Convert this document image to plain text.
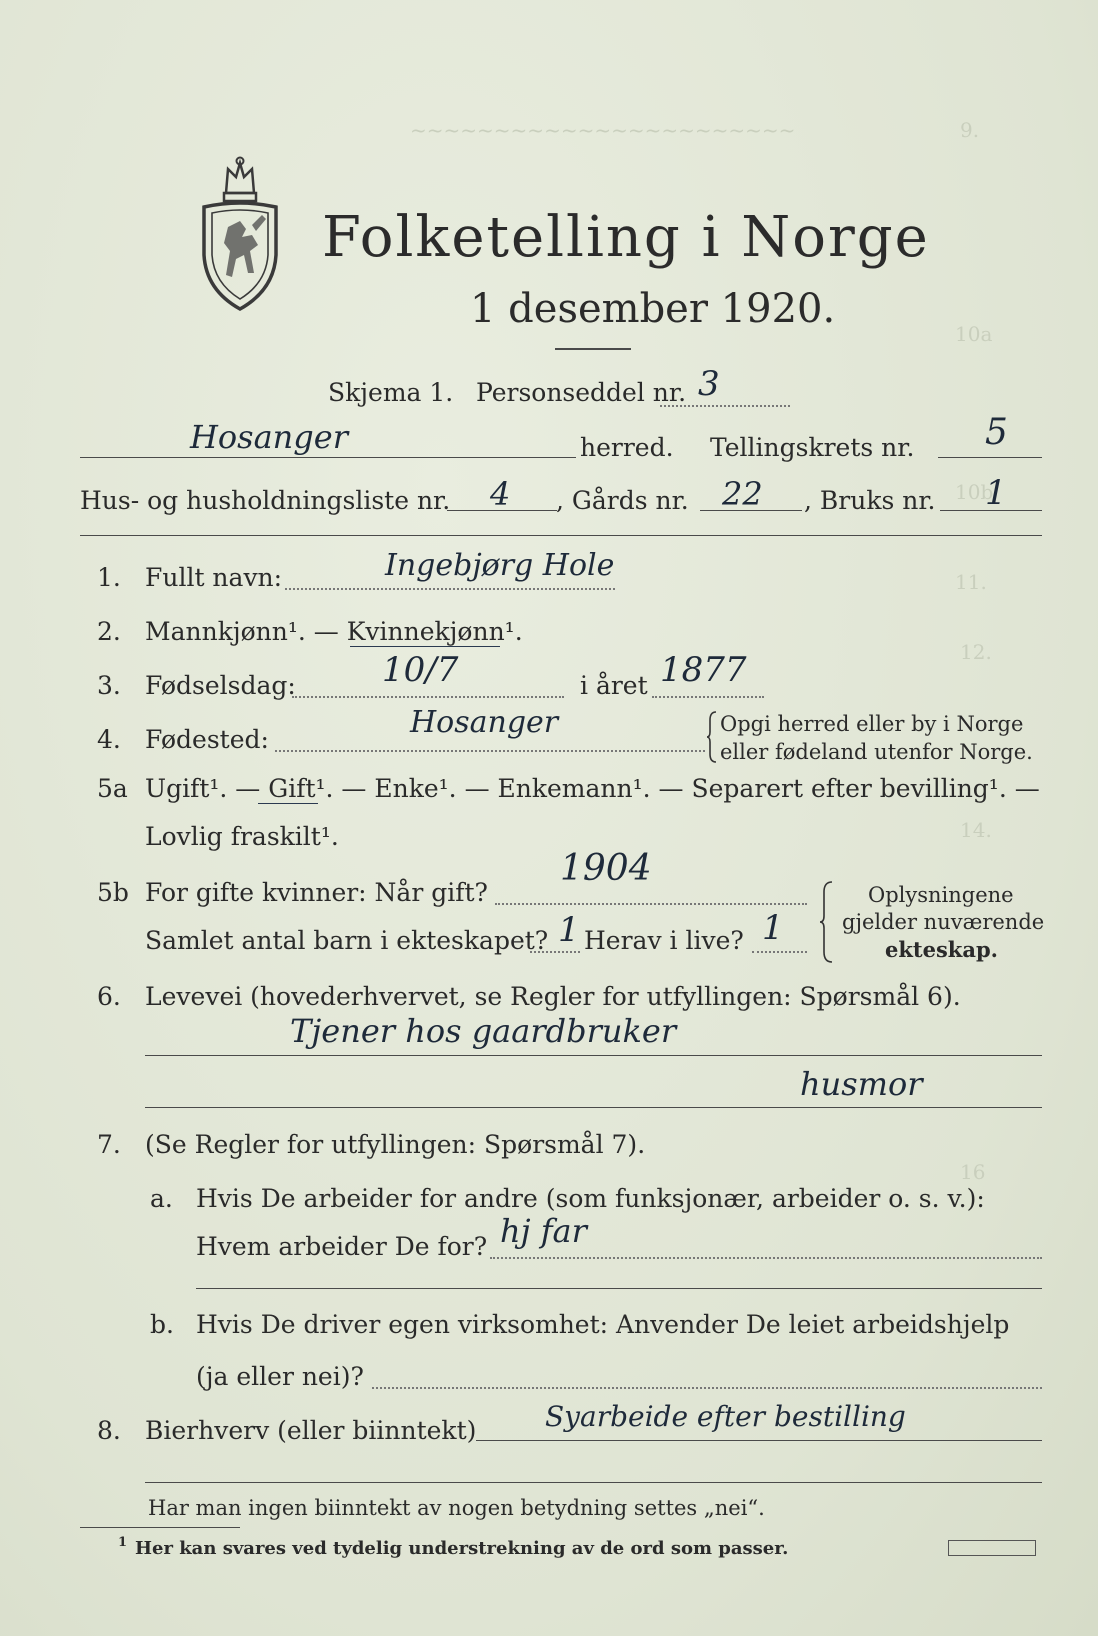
9.
~~~~~~~~~~~~~~~~~~~~~~~
10a
10b
11.
12.
14.
16
Folketelling i Norge
1 desember 1920.
Skjema 1. Personseddel nr. 3
Hosanger	herred. Tellingskrets nr. 5
Hus- og husholdningsliste nr. 4 , Gårds nr. 22 , Bruks nr. 1
1. Fullt navn:	Ingebjørg Hole
2. Mannkjønn¹. — Kvinnekjønn¹.
3. Fødselsdag:	10/7	i året 1877
4. Fødested:	Hosanger	Opgi herred eller by i Norge
eller fødeland utenfor Norge.
5a Ugift¹. — Gift¹. — Enke¹. — Enkemann¹. — Separert efter bevilling¹. —
Lovlig fraskilt¹.
5b For gifte kvinner: Når gift?
1904
Samlet antal barn i ekteskapet? 1 Herav i live? 1
Oplysningene
gjelder nuværende
ekteskap.
6. Levevei (hovederhvervet, se Regler for utfyllingen: Spørsmål 6).
Tjener hos gaardbruker
husmor
7. (Se Regler for utfyllingen: Spørsmål 7).
a. Hvis De arbeider for andre (som funksjonær, arbeider o. s. v.):
Hvem arbeider De for? hj far
b. Hvis De driver egen virksomhet: Anvender De leiet arbeidshjelp
(ja eller nei)?
8. Bierhverv (eller biinntekt) Syarbeide efter bestilling
Har man ingen biinntekt av nogen betydning settes „nei“.
1 Her kan svares ved tydelig understrekning av de ord som passer.
